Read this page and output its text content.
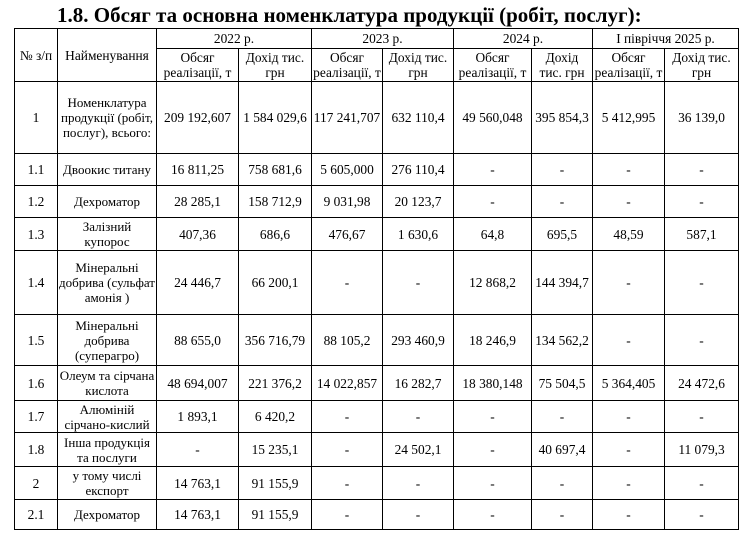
1.8. Обсяг та основна номенклатура продукції (робіт, послуг):
№ з/п	Найменування	2022 р.		2023 р.		2024 р.		І півріччя 2025 р.	
		Обсяг реалізації, т	Дохід тис. грн	Обсяг реалізації, т	Дохід тис. грн	Обсяг реалізації, т	Дохід тис. грн	Обсяг реалізації, т	Дохід тис. грн
1	Номенклатура продукції (робіт, послуг), всього:	209 192,607	1 584 029,6	117 241,707	632 110,4	49 560,048	395 854,3	5 412,995	36 139,0
1.1	Двоокис титану	16 811,25	758 681,6	5 605,000	276 110,4	-	-	-	-
1.2	Дехроматор	28 285,1	158 712,9	9 031,98	20 123,7	-	-	-	-
1.3	Залізний купорос	407,36	686,6	476,67	1 630,6	64,8	695,5	48,59	587,1
1.4	Мінеральні добрива (сульфат амонія )	24 446,7	66 200,1	-	-	12 868,2	144 394,7	-	-
1.5	Мінеральні добрива (суперагро)	88 655,0	356 716,79	88 105,2	293 460,9	18 246,9	134 562,2	-	-
1.6	Олеум та сірчана кислота	48 694,007	221 376,2	14 022,857	16 282,7	18 380,148	75 504,5	5 364,405	24 472,6
1.7	Алюміній сірчано-кислий	1 893,1	6 420,2	-	-	-	-	-	-
1.8	Інша продукція та послуги	-	15 235,1	-	24 502,1	-	40 697,4	-	11 079,3
2	у тому числі експорт	14 763,1	91 155,9	-	-	-	-	-	-
2.1	Дехроматор	14 763,1	91 155,9	-	-	-	-	-	-
